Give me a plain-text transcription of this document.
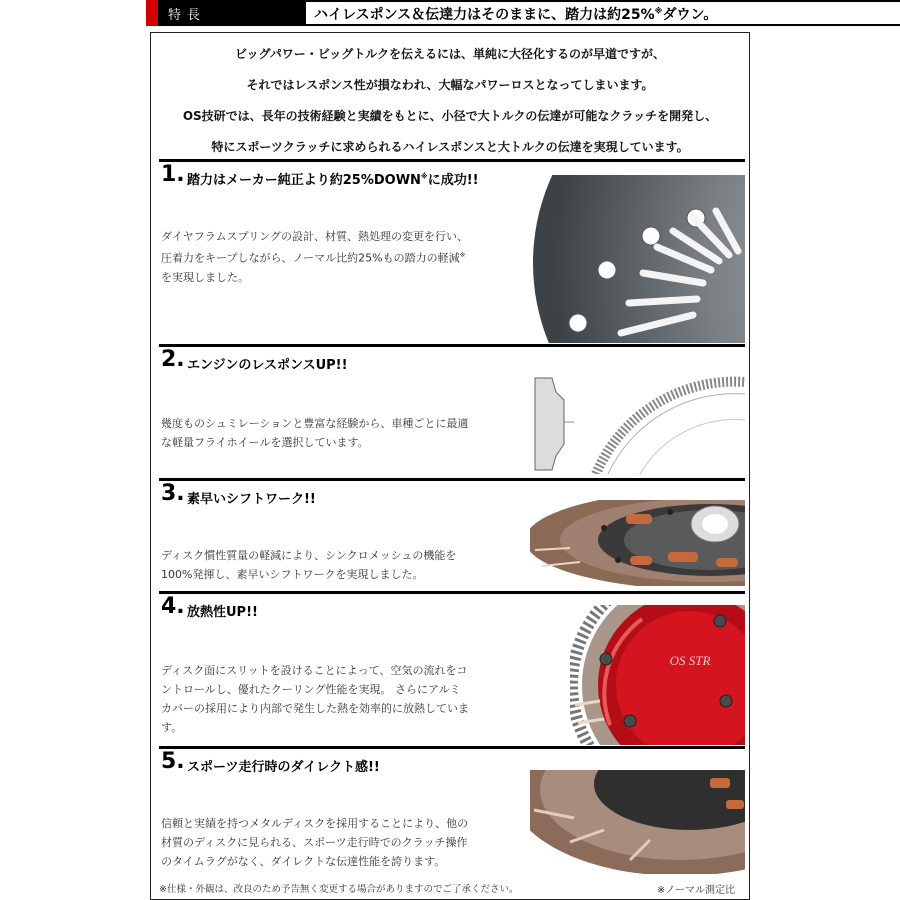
特長	ハイレスポンス＆伝達力はそのままに、踏力は約25%※ダウン。

ビッグパワー・ビッグトルクを伝えるには、単純に大径化するのが早道ですが、

それではレスポンス性が損なわれ、大幅なパワーロスとなってしまいます。

OS技研では、長年の技術経験と実績をもとに、小径で大トルクの伝達が可能なクラッチを開発し、

特にスポーツクラッチに求められるハイレスポンスと大トルクの伝達を実現しています。

1. 踏力はメーカー純正より約25%DOWN※に成功!!
ダイヤフラムスプリングの設計、材質、熱処理の変更を行い、
圧着力をキープしながら、ノーマル比約25%もの踏力の軽減※
を実現しました。
2. エンジンのレスポンスUP!!
幾度ものシュミレーションと豊富な経験から、車種ごとに最適
な軽量フライホイールを選択しています。
3. 素早いシフトワーク!!
ディスク慣性質量の軽減により、シンクロメッシュの機能を
100%発揮し、素早いシフトワークを実現しました。
4. 放熱性UP!!
ディスク面にスリットを設けることによって、空気の流れをコ
ントロールし、優れたクーリング性能を実現。 さらにアルミ
カバーの採用により内部で発生した熱を効率的に放熱していま
す。
OS STR
5. スポーツ走行時のダイレクト感!!
信頼と実績を持つメタルディスクを採用することにより、他の
材質のディスクに見られる、スポーツ走行時でのクラッチ操作
のタイムラグがなく、ダイレクトな伝達性能を誇ります。
※仕様・外観は、改良のため予告無く変更する場合がありますのでご了承ください。	※ノーマル測定比
